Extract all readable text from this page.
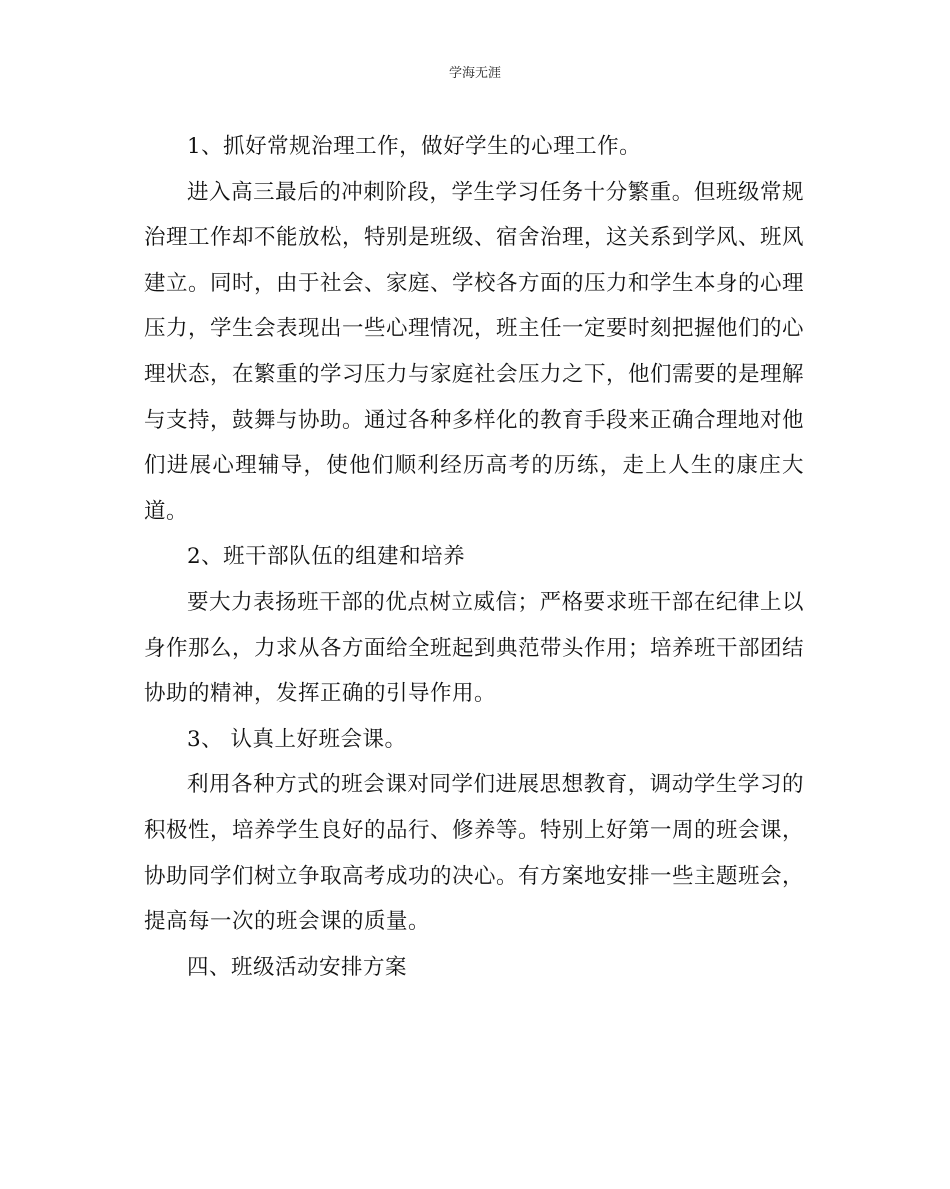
学海无涯

1、抓好常规治理工作，做好学生的心理工作。

进入高三最后的冲刺阶段，学生学习任务十分繁重。但班级常规治理工作却不能放松，特别是班级、宿舍治理，这关系到学风、班风建立。同时，由于社会、家庭、学校各方面的压力和学生本身的心理压力，学生会表现出一些心理情况，班主任一定要时刻把握他们的心理状态，在繁重的学习压力与家庭社会压力之下，他们需要的是理解与支持，鼓舞与协助。通过各种多样化的教育手段来正确合理地对他们进展心理辅导，使他们顺利经历高考的历练，走上人生的康庄大道。

2、班干部队伍的组建和培养

要大力表扬班干部的优点树立威信；严格要求班干部在纪律上以身作那么，力求从各方面给全班起到典范带头作用；培养班干部团结协助的精神，发挥正确的引导作用。

3、 认真上好班会课。

利用各种方式的班会课对同学们进展思想教育，调动学生学习的积极性，培养学生良好的品行、修养等。特别上好第一周的班会课，协助同学们树立争取高考成功的决心。有方案地安排一些主题班会，提高每一次的班会课的质量。

四、班级活动安排方案
